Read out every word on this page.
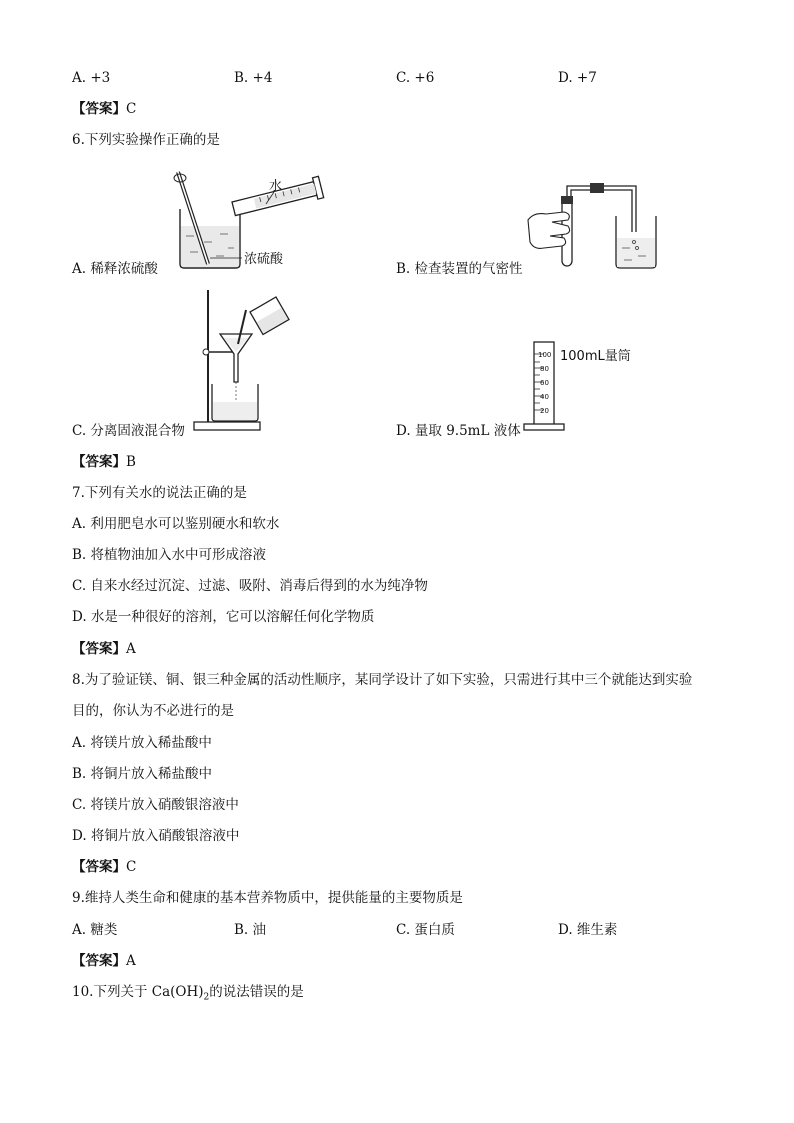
A. +3	B. +4	C. +6	D. +7
【答案】C
6.下列实验操作正确的是
水
浓硫酸
A. 稀释浓硫酸	B. 检查装置的气密性
C. 分离固液混合物
100
80
60
40
20
100mL量筒
D. 量取 9.5mL 液体
【答案】B
7.下列有关水的说法正确的是
A. 利用肥皂水可以鉴别硬水和软水
B. 将植物油加入水中可形成溶液
C. 自来水经过沉淀、过滤、吸附、消毒后得到的水为纯净物
D. 水是一种很好的溶剂，它可以溶解任何化学物质
【答案】A
8.为了验证镁、铜、银三种金属的活动性顺序，某同学设计了如下实验，只需进行其中三个就能达到实验
目的，你认为不必进行的是
A. 将镁片放入稀盐酸中
B. 将铜片放入稀盐酸中
C. 将镁片放入硝酸银溶液中
D. 将铜片放入硝酸银溶液中
【答案】C
9.维持人类生命和健康的基本营养物质中，提供能量的主要物质是
A. 糖类	B. 油	C. 蛋白质	D. 维生素
【答案】A
10.下列关于 $Ca(OH)_2$的说法错误的是
